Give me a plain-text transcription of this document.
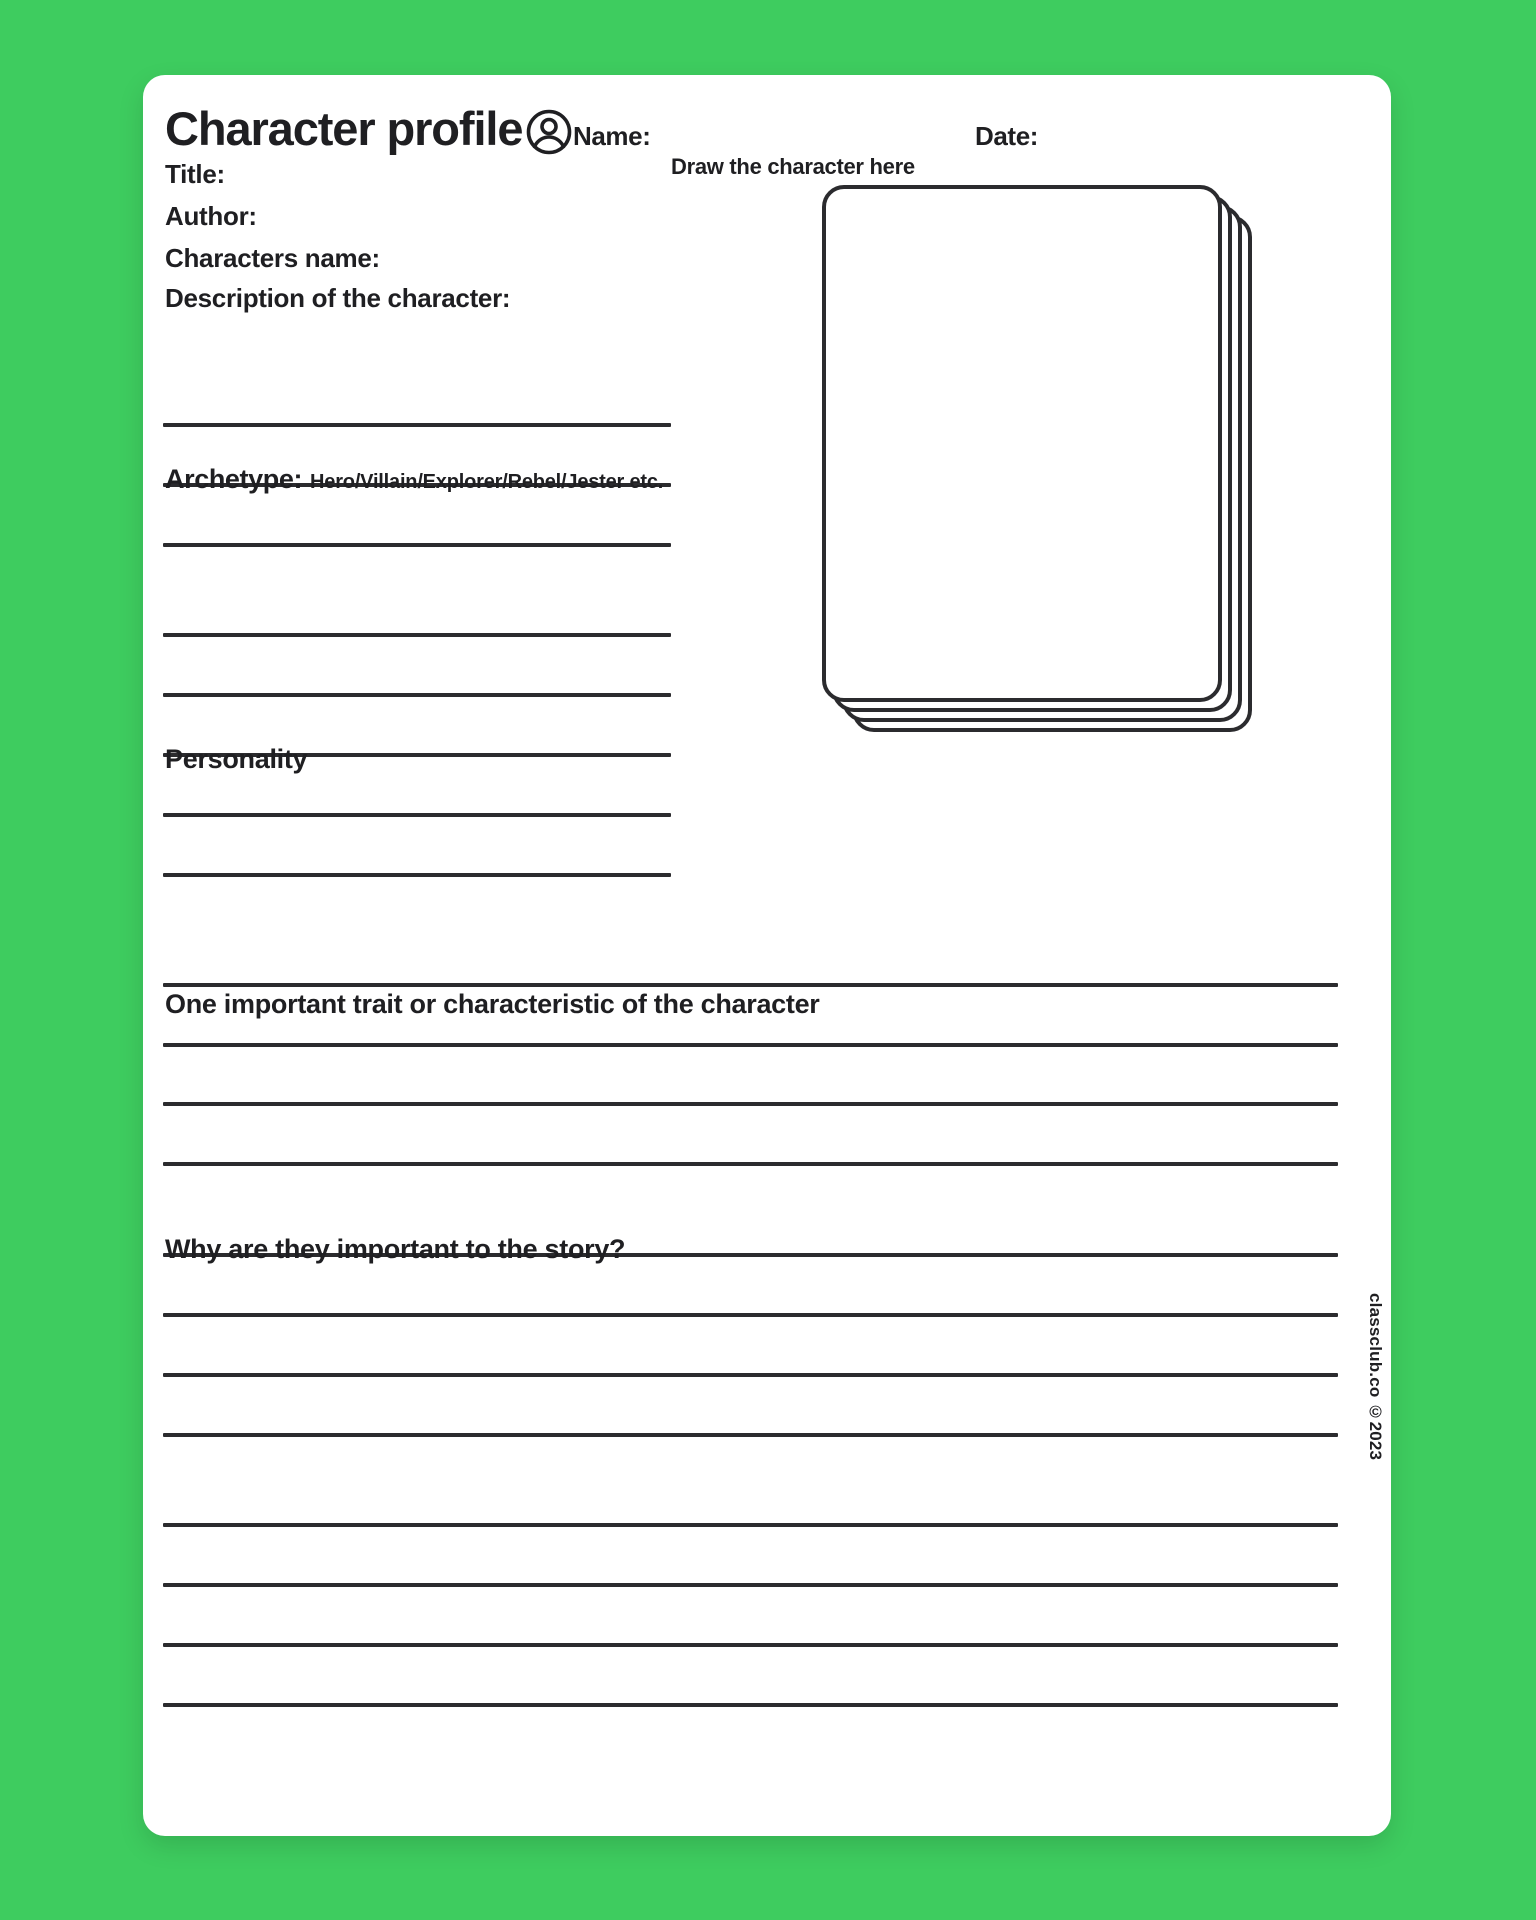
Character profile Name:	Date:
Title:
Author:
Characters name:
Description of the character:
Archetype: Hero/Villain/Explorer/Rebel/Jester etc.
Draw the character here
Personality
One important trait or characteristic of the character
Why are they important to the story?
classclub.co ©2023
